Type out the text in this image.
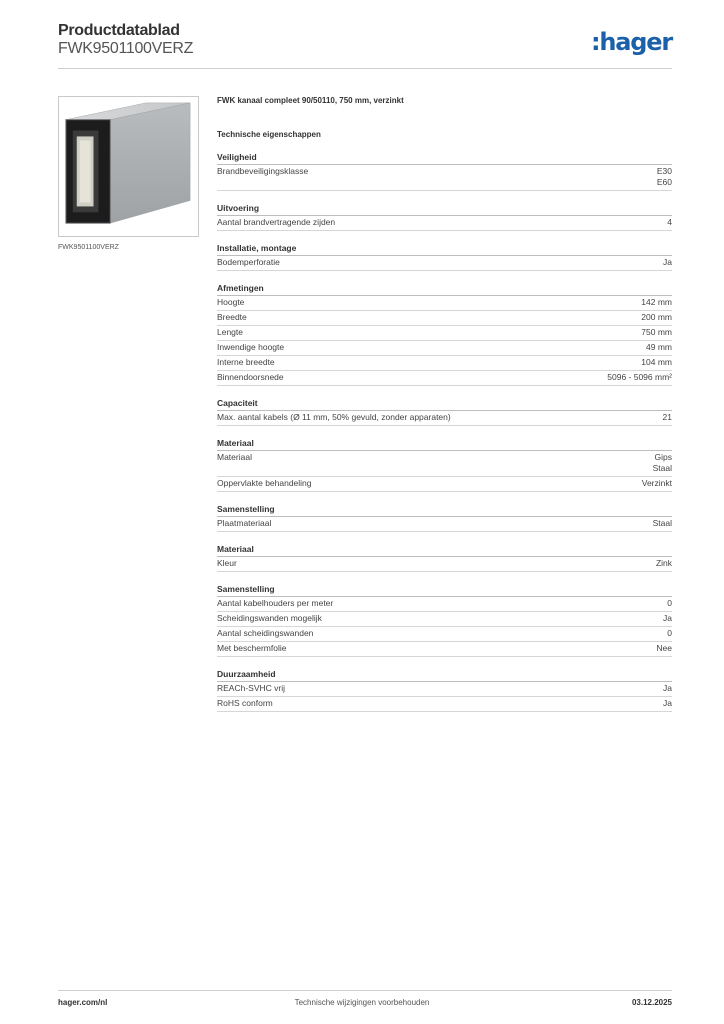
Productdatablad
FWK9501100VERZ	:hager
FWK9501100VERZ
FWK kanaal compleet 90/50110, 750 mm, verzinkt
Technische eigenschappen
Veiligheid
Brandbeveiligingsklasse	E30
E60
Uitvoering
Aantal brandvertragende zijden	4
Installatie, montage
Bodemperforatie	Ja
Afmetingen
Hoogte	142 mm
Breedte	200 mm
Lengte	750 mm
Inwendige hoogte	49 mm
Interne breedte	104 mm
Binnendoorsnede	5096 - 5096 mm²
Capaciteit
Max. aantal kabels (Ø 11 mm, 50% gevuld, zonder apparaten)	21
Materiaal
Materiaal	Gips
Staal
Oppervlakte behandeling	Verzinkt
Samenstelling
Plaatmateriaal	Staal
Materiaal
Kleur	Zink
Samenstelling
Aantal kabelhouders per meter	0
Scheidingswanden mogelijk	Ja
Aantal scheidingswanden	0
Met beschermfolie	Nee
Duurzaamheid
REACh-SVHC vrij	Ja
RoHS conform	Ja
hager.com/nl	Technische wijzigingen voorbehouden	03.12.2025
